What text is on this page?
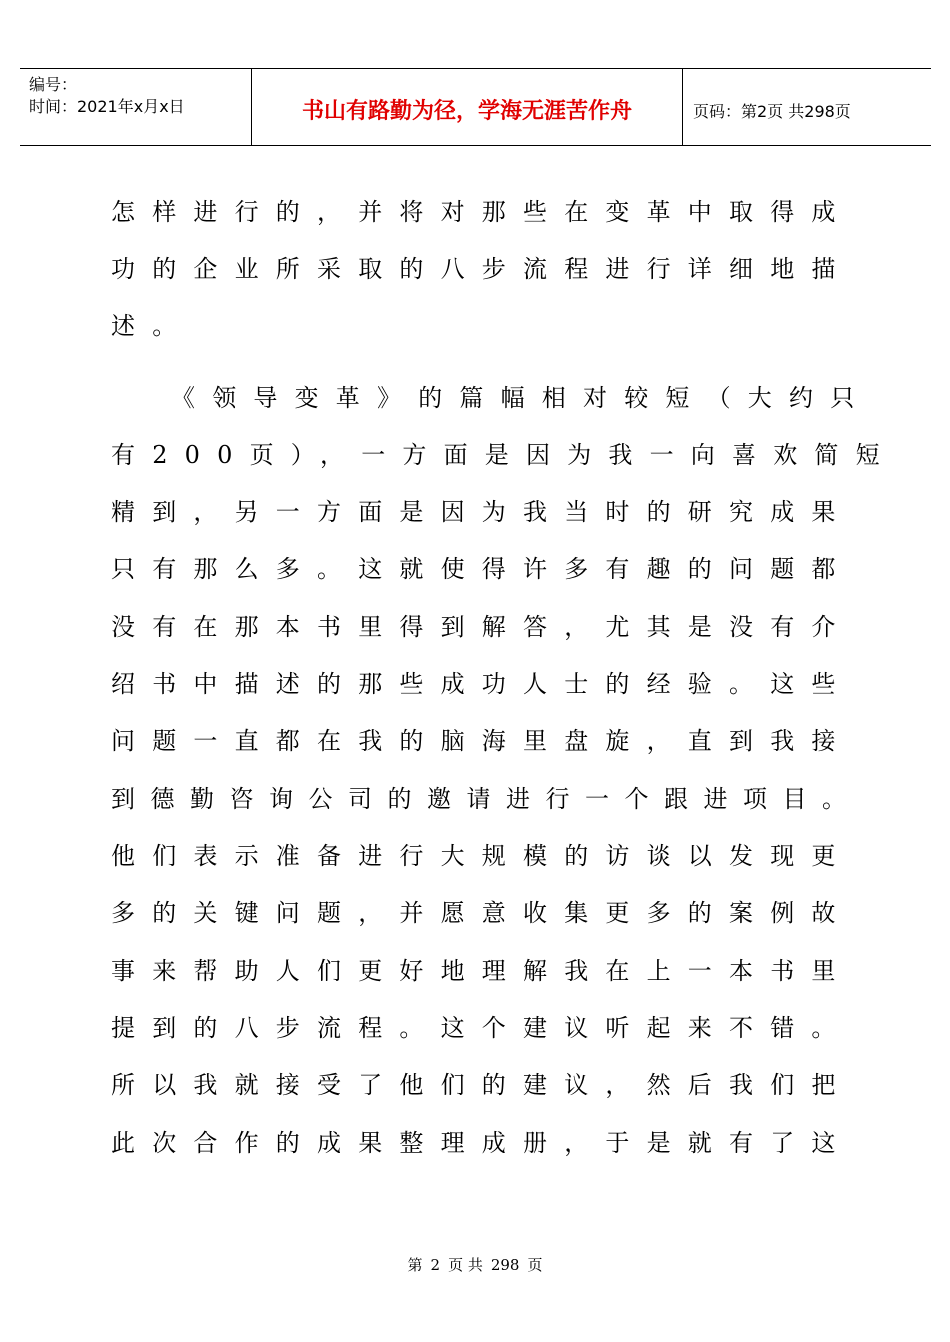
编号：
时间：2021年x月x日	书山有路勤为径，学海无涯苦作舟	页码：第2页 共298页
怎样进行的，并将对那些在变革中取得成
功的企业所采取的八步流程进行详细地描
述。
《领导变革》的篇幅相对较短（大约只
有200页），一方面是因为我一向喜欢简短
精到，另一方面是因为我当时的研究成果
只有那么多。这就使得许多有趣的问题都
没有在那本书里得到解答，尤其是没有介
绍书中描述的那些成功人士的经验。这些
问题一直都在我的脑海里盘旋，直到我接
到德勤咨询公司的邀请进行一个跟进项目。
他们表示准备进行大规模的访谈以发现更
多的关键问题，并愿意收集更多的案例故
事来帮助人们更好地理解我在上一本书里
提到的八步流程。这个建议听起来不错。
所以我就接受了他们的建议，然后我们把
此次合作的成果整理成册，于是就有了这
第 2 页 共 298 页
